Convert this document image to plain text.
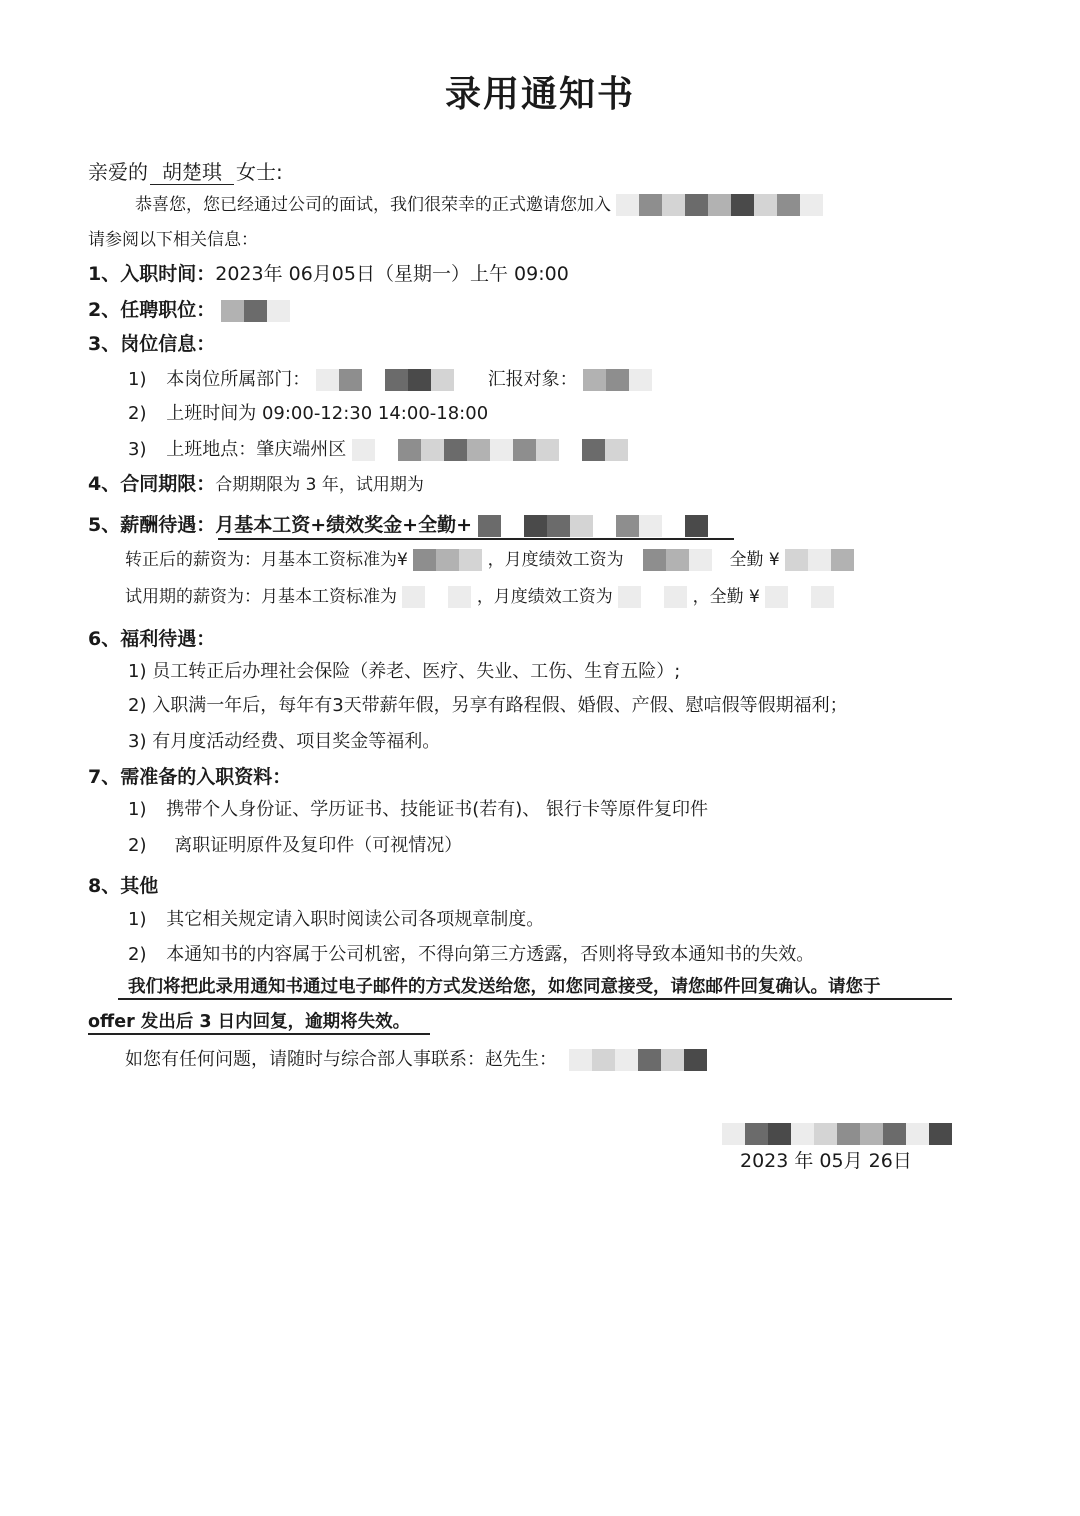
录用通知书
亲爱的 胡楚琪 女士:
恭喜您，您已经通过公司的面试，我们很荣幸的正式邀请您加入
请参阅以下相关信息：
1、入职时间：2023年 06月05日（星期一）上午 09:00
2、任聘职位：
3、岗位信息：
1) 本岗位所属部门：	汇报对象：
2) 上班时间为 09:00-12:30 14:00-18:00
3) 上班地点：肇庆端州区
4、合同期限：合期期限为 3 年，试用期为
5、薪酬待遇：月基本工资+绩效奖金+全勤+
转正后的薪资为：月基本工资标准为¥	，月度绩效工资为	全勤 ¥
试用期的薪资为：月基本工资标准为	，月度绩效工资为	，全勤 ¥
6、福利待遇：
1) 员工转正后办理社会保险（养老、医疗、失业、工伤、生育五险）;
2) 入职满一年后，每年有3天带薪年假，另享有路程假、婚假、产假、慰唁假等假期福利；
3) 有月度活动经费、项目奖金等福利。
7、需准备的入职资料：
1) 携带个人身份证、学历证书、技能证书(若有)、 银行卡等原件复印件
2) 离职证明原件及复印件（可视情况）
8、其他
1) 其它相关规定请入职时阅读公司各项规章制度。
2) 本通知书的内容属于公司机密，不得向第三方透露，否则将导致本通知书的失效。
我们将把此录用通知书通过电子邮件的方式发送给您，如您同意接受，请您邮件回复确认。请您于
offer 发出后 3 日内回复，逾期将失效。
如您有任何问题，请随时与综合部人事联系：赵先生：
2023 年 05月 26日
